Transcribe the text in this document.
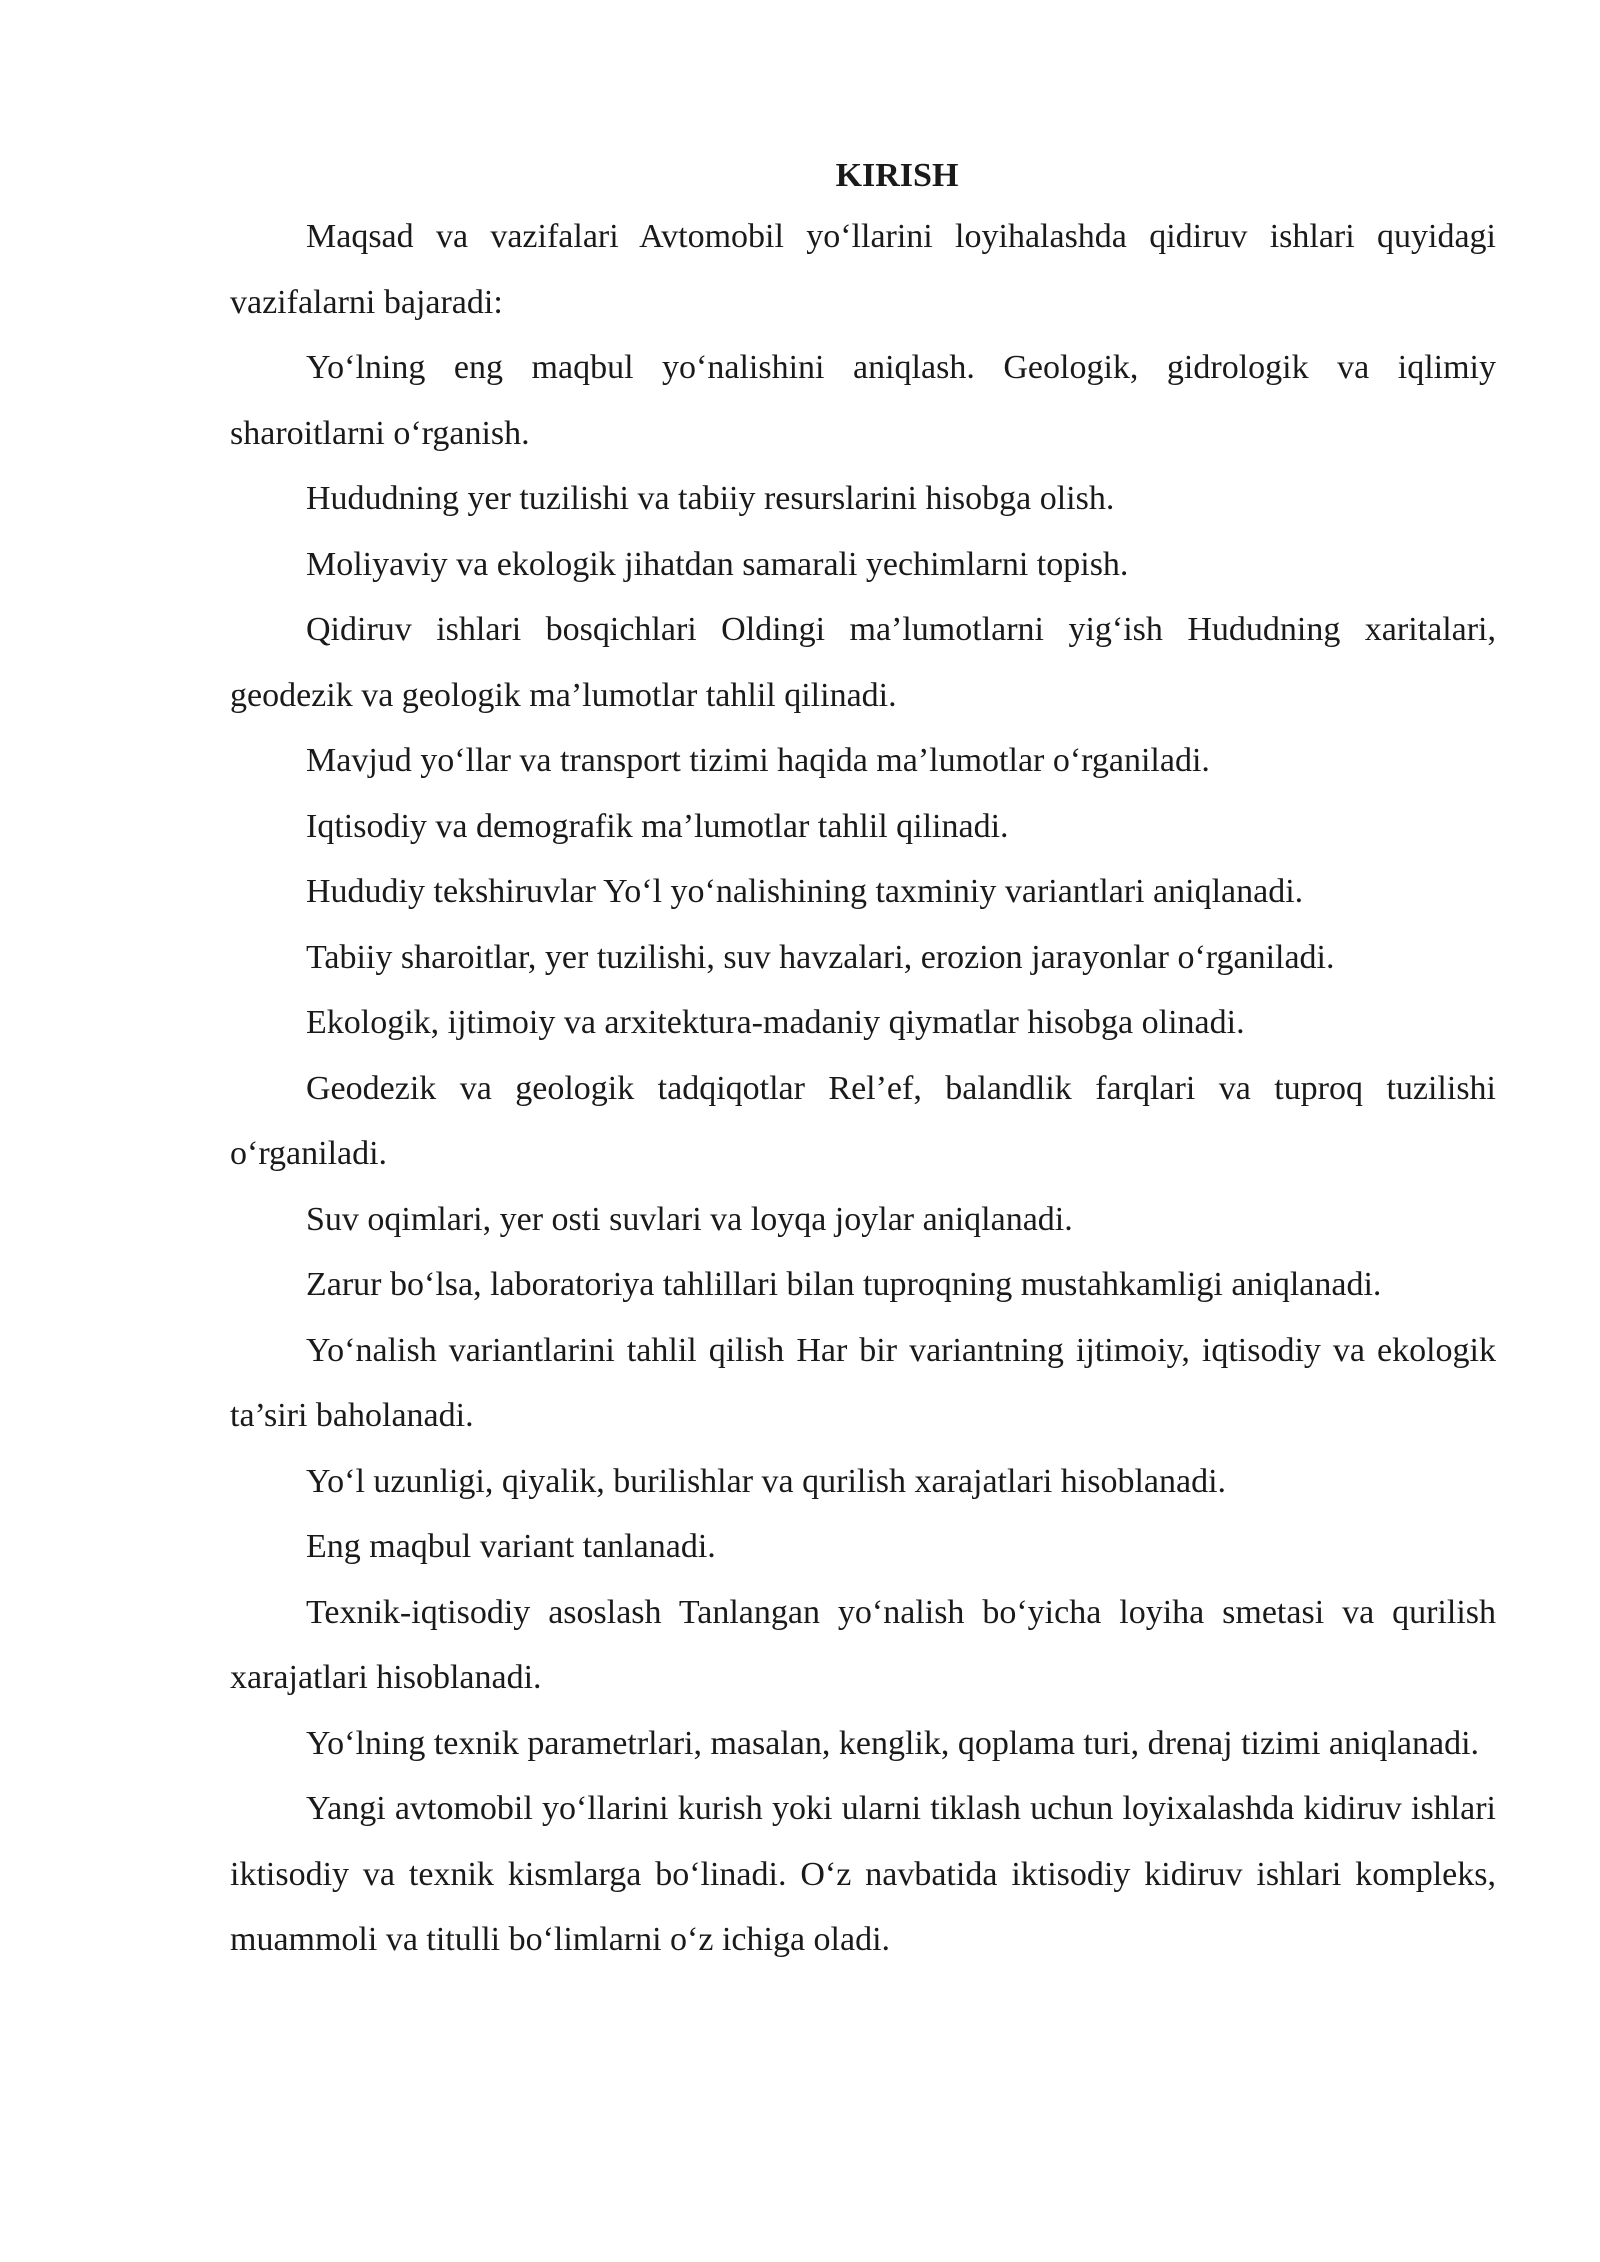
KIRISH

Maqsad va vazifalari Avtomobil yo‘llarini loyihalashda qidiruv ishlari quyidagi vazifalarni bajaradi:

Yo‘lning eng maqbul yo‘nalishini aniqlash. Geologik, gidrologik va iqlimiy sharoitlarni o‘rganish.

Hududning yer tuzilishi va tabiiy resurslarini hisobga olish.

Moliyaviy va ekologik jihatdan samarali yechimlarni topish.

Qidiruv ishlari bosqichlari Oldingi ma’lumotlarni yig‘ish Hududning xaritalari, geodezik va geologik ma’lumotlar tahlil qilinadi.

Mavjud yo‘llar va transport tizimi haqida ma’lumotlar o‘rganiladi.

Iqtisodiy va demografik ma’lumotlar tahlil qilinadi.

Hududiy tekshiruvlar Yo‘l yo‘nalishining taxminiy variantlari aniqlanadi.

Tabiiy sharoitlar, yer tuzilishi, suv havzalari, erozion jarayonlar o‘rganiladi.

Ekologik, ijtimoiy va arxitektura-madaniy qiymatlar hisobga olinadi.

Geodezik va geologik tadqiqotlar Rel’ef, balandlik farqlari va tuproq tuzilishi o‘rganiladi.

Suv oqimlari, yer osti suvlari va loyqa joylar aniqlanadi.

Zarur bo‘lsa, laboratoriya tahlillari bilan tuproqning mustahkamligi aniqlanadi.

Yo‘nalish variantlarini tahlil qilish Har bir variantning ijtimoiy, iqtisodiy va ekologik ta’siri baholanadi.

Yo‘l uzunligi, qiyalik, burilishlar va qurilish xarajatlari hisoblanadi.

Eng maqbul variant tanlanadi.

Texnik-iqtisodiy asoslash Tanlangan yo‘nalish bo‘yicha loyiha smetasi va qurilish xarajatlari hisoblanadi.

Yo‘lning texnik parametrlari, masalan, kenglik, qoplama turi, drenaj tizimi aniqlanadi.

Yangi avtomobil yo‘llarini kurish yoki ularni tiklash uchun loyixalashda kidiruv ishlari iktisodiy va texnik kismlarga bo‘linadi. O‘z navbatida iktisodiy kidiruv ishlari kompleks, muammoli va titulli bo‘limlarni o‘z ichiga oladi.
